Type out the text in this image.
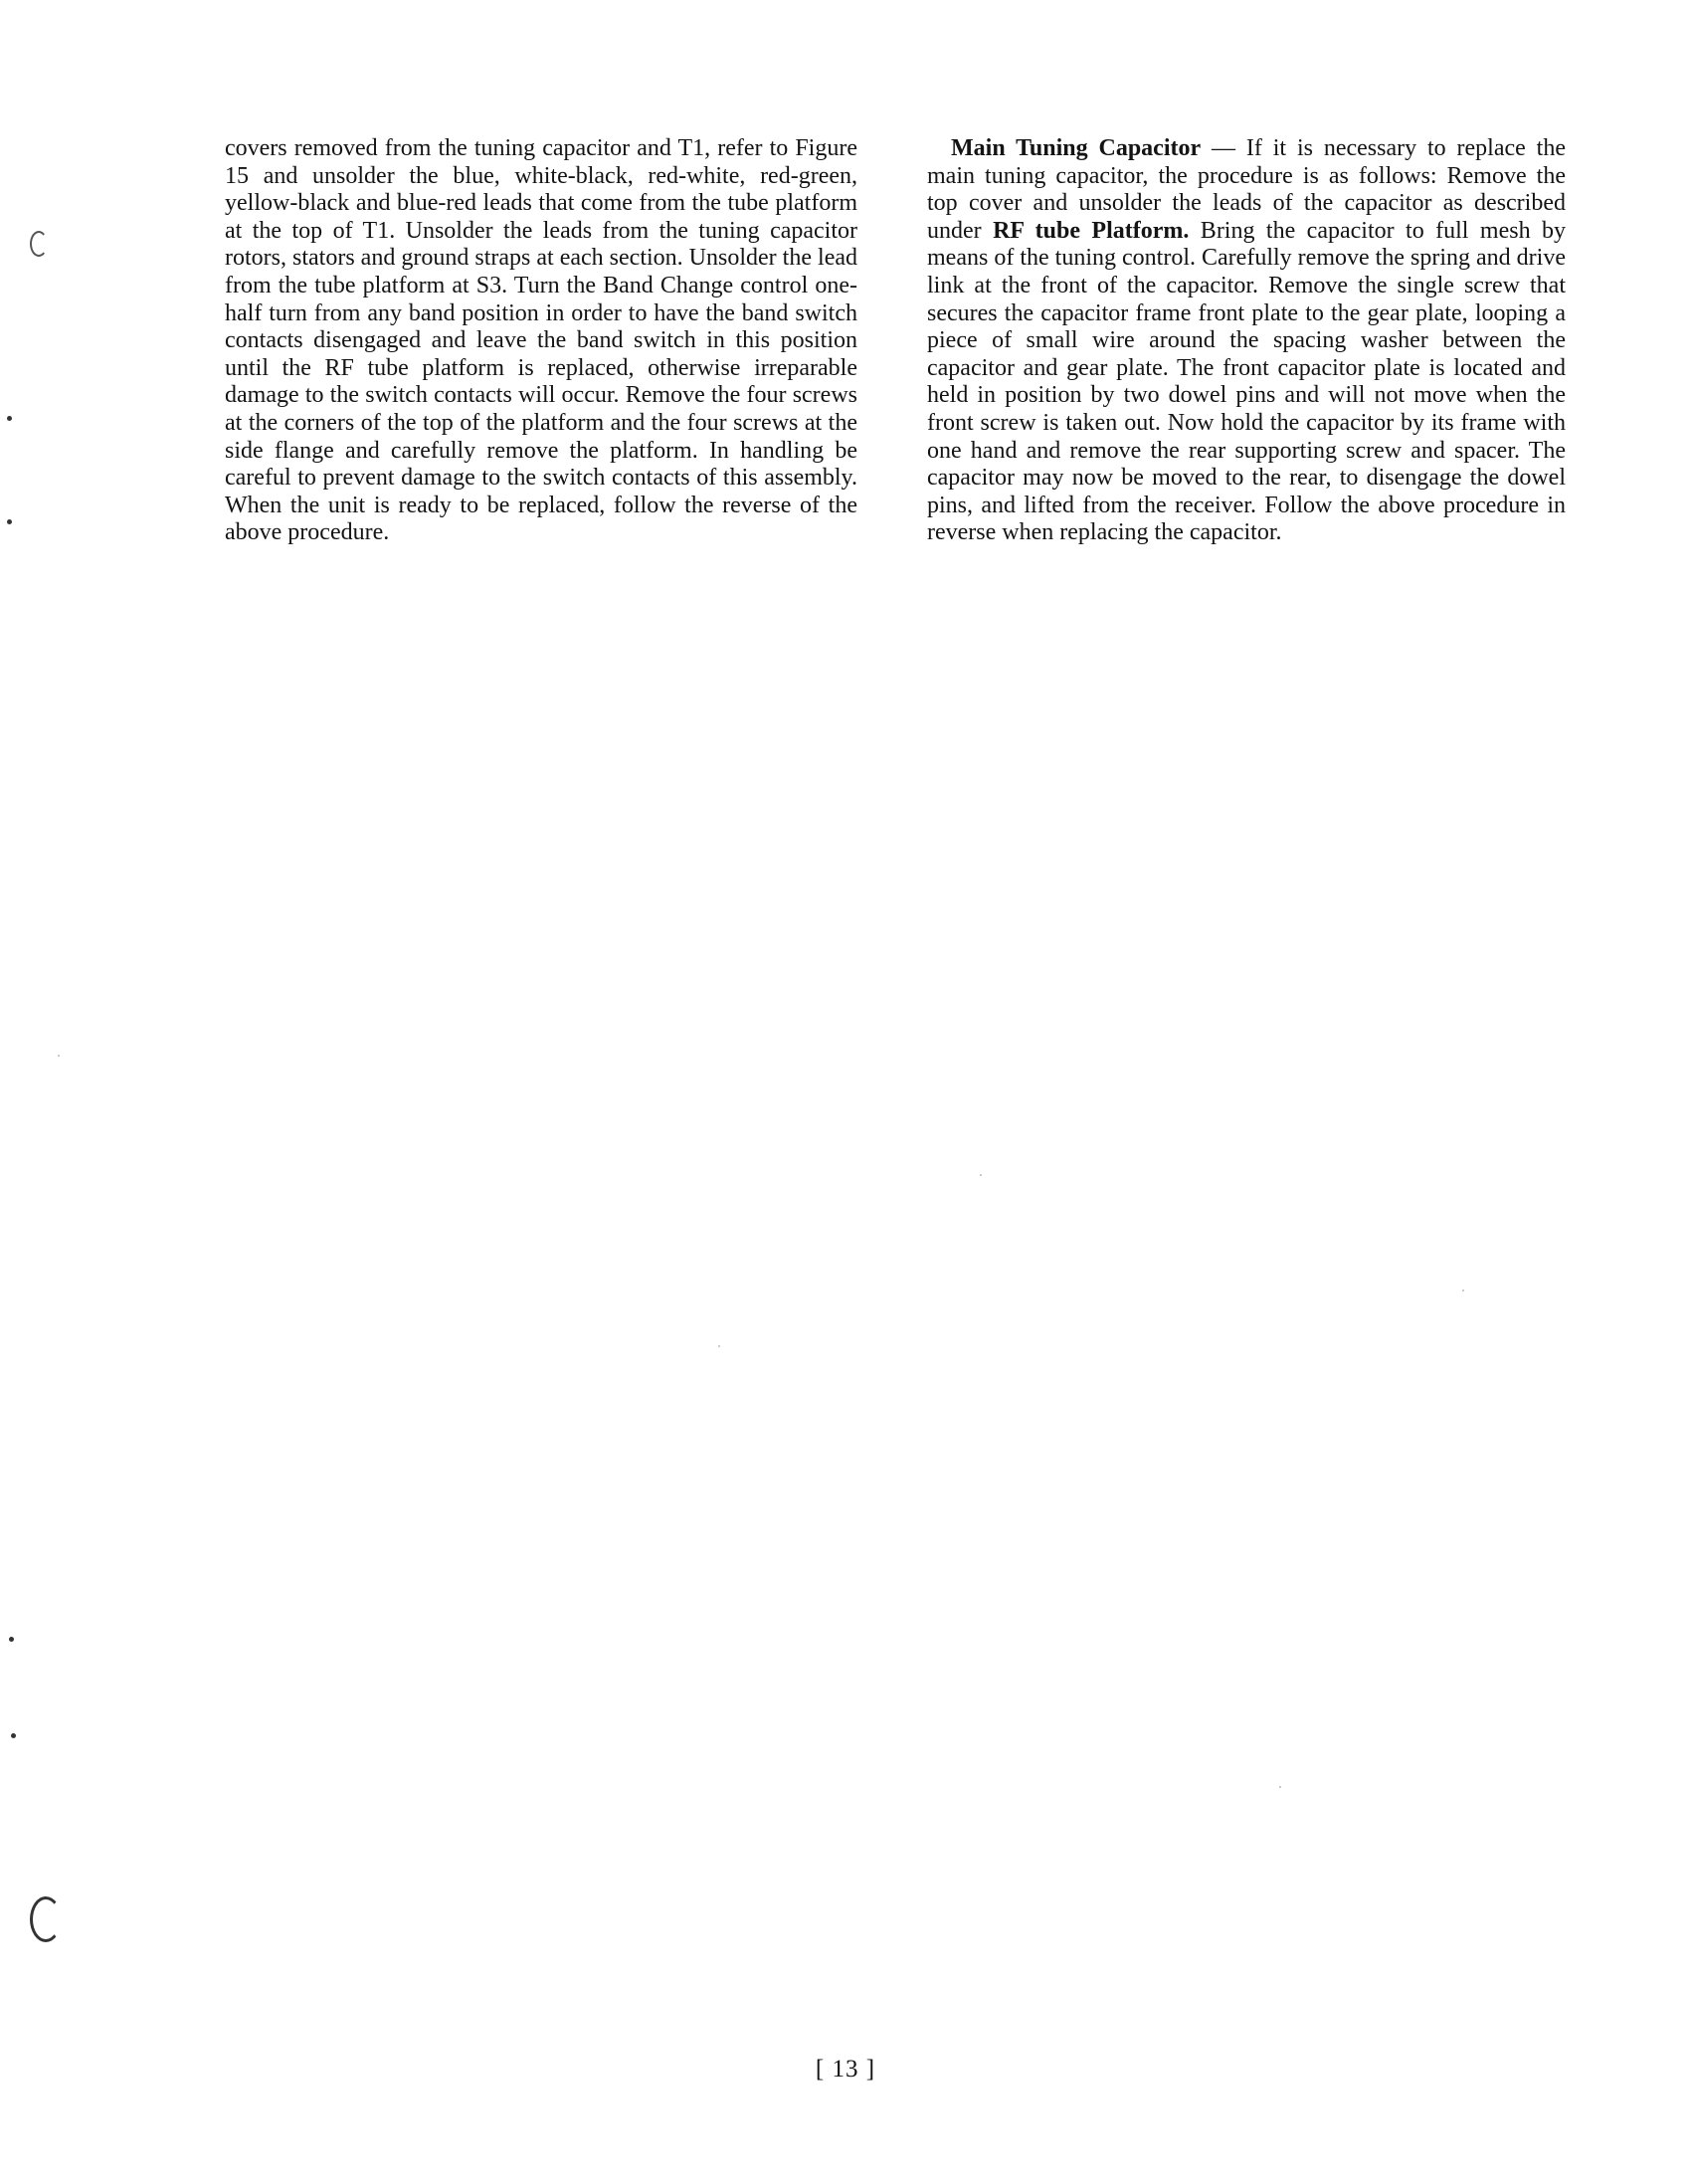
covers removed from the tuning capacitor and T1, refer to Figure 15 and unsolder the blue, white-black, red-white, red-green, yellow-black and blue-red leads that come from the tube platform at the top of T1. Unsolder the leads from the tuning capacitor rotors, stators and ground straps at each section. Unsolder the lead from the tube platform at S3. Turn the Band Change control one-half turn from any band position in order to have the band switch contacts disengaged and leave the band switch in this position until the RF tube platform is replaced, otherwise irreparable damage to the switch contacts will occur. Remove the four screws at the corners of the top of the platform and the four screws at the side flange and carefully remove the platform. In handling be careful to prevent damage to the switch contacts of this assembly. When the unit is ready to be replaced, follow the reverse of the above procedure.

Main Tuning Capacitor — If it is necessary to replace the main tuning capacitor, the procedure is as follows: Remove the top cover and unsolder the leads of the capacitor as described under RF tube Platform. Bring the capacitor to full mesh by means of the tuning control. Carefully remove the spring and drive link at the front of the capacitor. Remove the single screw that secures the capacitor frame front plate to the gear plate, looping a piece of small wire around the spacing washer between the capacitor and gear plate. The front capacitor plate is located and held in position by two dowel pins and will not move when the front screw is taken out. Now hold the capacitor by its frame with one hand and remove the rear supporting screw and spacer. The capacitor may now be moved to the rear, to disengage the dowel pins, and lifted from the receiver. Follow the above procedure in reverse when replacing the capacitor.

[ 13 ]
